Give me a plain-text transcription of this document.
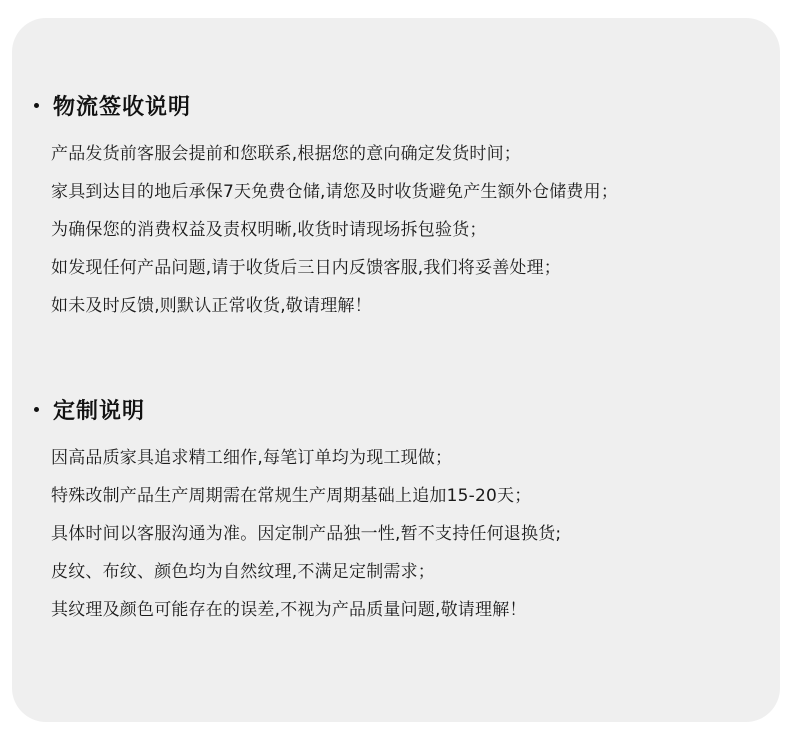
物流签收说明
产品发货前客服会提前和您联系,根据您的意向确定发货时间；
家具到达目的地后承保7天免费仓储,请您及时收货避免产生额外仓储费用；
为确保您的消费权益及责权明晰,收货时请现场拆包验货；
如发现任何产品问题,请于收货后三日内反馈客服,我们将妥善处理；
如未及时反馈,则默认正常收货,敬请理解！
定制说明
因高品质家具追求精工细作,每笔订单均为现工现做；
特殊改制产品生产周期需在常规生产周期基础上追加15-20天；
具体时间以客服沟通为准。因定制产品独一性,暂不支持任何退换货;
皮纹、布纹、颜色均为自然纹理,不满足定制需求；
其纹理及颜色可能存在的误差,不视为产品质量问题,敬请理解！
